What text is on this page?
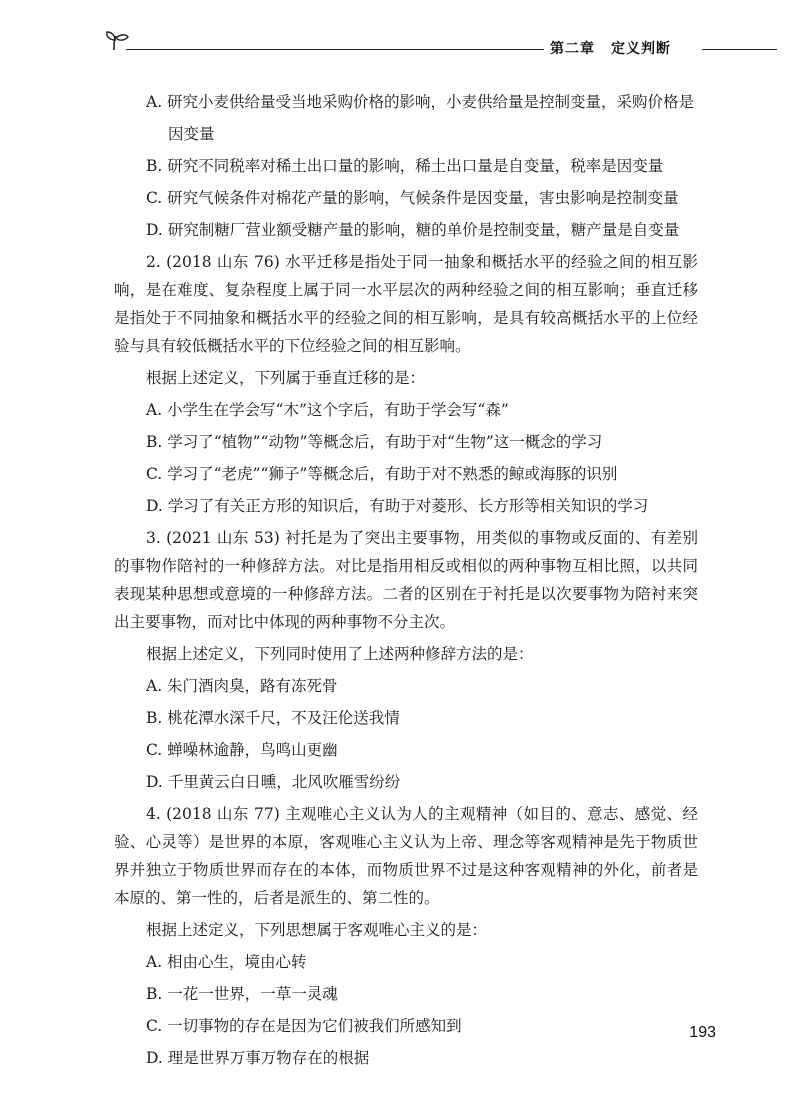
第二章 定义判断
A. 研究小麦供给量受当地采购价格的影响，小麦供给量是控制变量，采购价格是
因变量
B. 研究不同税率对稀土出口量的影响，稀土出口量是自变量，税率是因变量
C. 研究气候条件对棉花产量的影响，气候条件是因变量，害虫影响是控制变量
D. 研究制糖厂营业额受糖产量的影响，糖的单价是控制变量，糖产量是自变量
2. (2018 山东 76) 水平迁移是指处于同一抽象和概括水平的经验之间的相互影响，是在难度、复杂程度上属于同一水平层次的两种经验之间的相互影响；垂直迁移是指处于不同抽象和概括水平的经验之间的相互影响，是具有较高概括水平的上位经验与具有较低概括水平的下位经验之间的相互影响。
根据上述定义，下列属于垂直迁移的是：
A. 小学生在学会写“木”这个字后，有助于学会写“森”
B. 学习了“植物”“动物”等概念后，有助于对“生物”这一概念的学习
C. 学习了“老虎”“狮子”等概念后，有助于对不熟悉的鲸或海豚的识别
D. 学习了有关正方形的知识后，有助于对菱形、长方形等相关知识的学习
3. (2021 山东 53) 衬托是为了突出主要事物，用类似的事物或反面的、有差别的事物作陪衬的一种修辞方法。对比是指用相反或相似的两种事物互相比照，以共同表现某种思想或意境的一种修辞方法。二者的区别在于衬托是以次要事物为陪衬来突出主要事物，而对比中体现的两种事物不分主次。
根据上述定义，下列同时使用了上述两种修辞方法的是：
A. 朱门酒肉臭，路有冻死骨
B. 桃花潭水深千尺，不及汪伦送我情
C. 蝉噪林逾静，鸟鸣山更幽
D. 千里黄云白日曛，北风吹雁雪纷纷
4. (2018 山东 77) 主观唯心主义认为人的主观精神（如目的、意志、感觉、经验、心灵等）是世界的本原，客观唯心主义认为上帝、理念等客观精神是先于物质世界并独立于物质世界而存在的本体，而物质世界不过是这种客观精神的外化，前者是本原的、第一性的，后者是派生的、第二性的。
根据上述定义，下列思想属于客观唯心主义的是：
A. 相由心生，境由心转
B. 一花一世界，一草一灵魂
C. 一切事物的存在是因为它们被我们所感知到
D. 理是世界万事万物存在的根据
193
